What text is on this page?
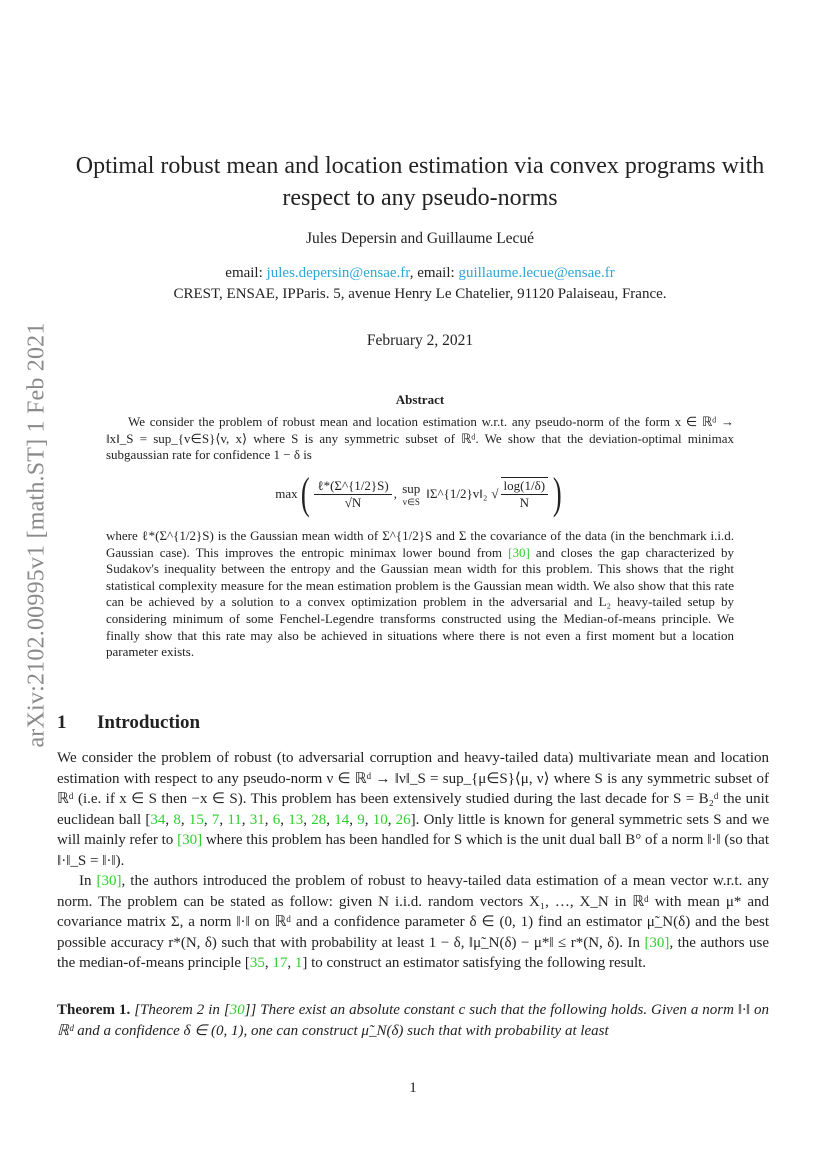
arXiv:2102.00995v1 [math.ST] 1 Feb 2021
Optimal robust mean and location estimation via convex programs with
respect to any pseudo-norms
Jules Depersin and Guillaume Lecué
email: jules.depersin@ensae.fr, email: guillaume.lecue@ensae.fr
CREST, ENSAE, IPParis. 5, avenue Henry Le Chatelier, 91120 Palaiseau, France.
February 2, 2021
Abstract

We consider the problem of robust mean and location estimation w.r.t. any pseudo-norm of the form x ∈ ℝᵈ → ‖x‖_S = sup_{v∈S}⟨v, x⟩ where S is any symmetric subset of ℝᵈ. We show that the deviation-optimal minimax subgaussian rate for confidence 1 − δ is

max ( $\frac{\text{ℓ*(Σ\textasciicircum{}\{1/2\}S)}}{√N}$ , sup
v∈S
‖Σ^{1/2}v‖₂ √ $\frac{\log(1/\delta)}{N}$ )

where ℓ*(Σ^{1/2}S) is the Gaussian mean width of Σ^{1/2}S and Σ the covariance of the data (in the benchmark i.i.d. Gaussian case). This improves the entropic minimax lower bound from [30] and closes the gap characterized by Sudakov's inequality between the entropy and the Gaussian mean width for this problem. This shows that the right statistical complexity measure for the mean estimation problem is the Gaussian mean width. We also show that this rate can be achieved by a solution to a convex optimization problem in the adversarial and L₂ heavy-tailed setup by considering minimum of some Fenchel-Legendre transforms constructed using the Median-of-means principle. We finally show that this rate may also be achieved in situations where there is not even a first moment but a location parameter exists.

1 Introduction

We consider the problem of robust (to adversarial corruption and heavy-tailed data) multivariate mean and location estimation with respect to any pseudo-norm ν ∈ ℝᵈ → ‖ν‖_S = sup_{μ∈S}⟨μ, ν⟩ where S is any symmetric subset of ℝᵈ (i.e. if x ∈ S then −x ∈ S). This problem has been extensively studied during the last decade for S = B₂ᵈ the unit euclidean ball [34, 8, 15, 7, 11, 31, 6, 13, 28, 14, 9, 10, 26]. Only little is known for general symmetric sets S and we will mainly refer to [30] where this problem has been handled for S which is the unit dual ball B° of a norm ‖·‖ (so that ‖·‖_S = ‖·‖).

In [30], the authors introduced the problem of robust to heavy-tailed data estimation of a mean vector w.r.t. any norm. The problem can be stated as follow: given N i.i.d. random vectors X₁, …, X_N in ℝᵈ with mean μ* and covariance matrix Σ, a norm ‖·‖ on ℝᵈ and a confidence parameter δ ∈ (0, 1) find an estimator μ̃_N(δ) and the best possible accuracy r*(N, δ) such that with probability at least 1 − δ, ‖μ̃_N(δ) − μ*‖ ≤ r*(N, δ). In [30], the authors use the median-of-means principle [35, 17, 1] to construct an estimator satisfying the following result.

Theorem 1. [Theorem 2 in [30]] There exist an absolute constant c such that the following holds. Given a norm ‖·‖ on ℝᵈ and a confidence δ ∈ (0, 1), one can construct μ̃_N(δ) such that with probability at least

1
